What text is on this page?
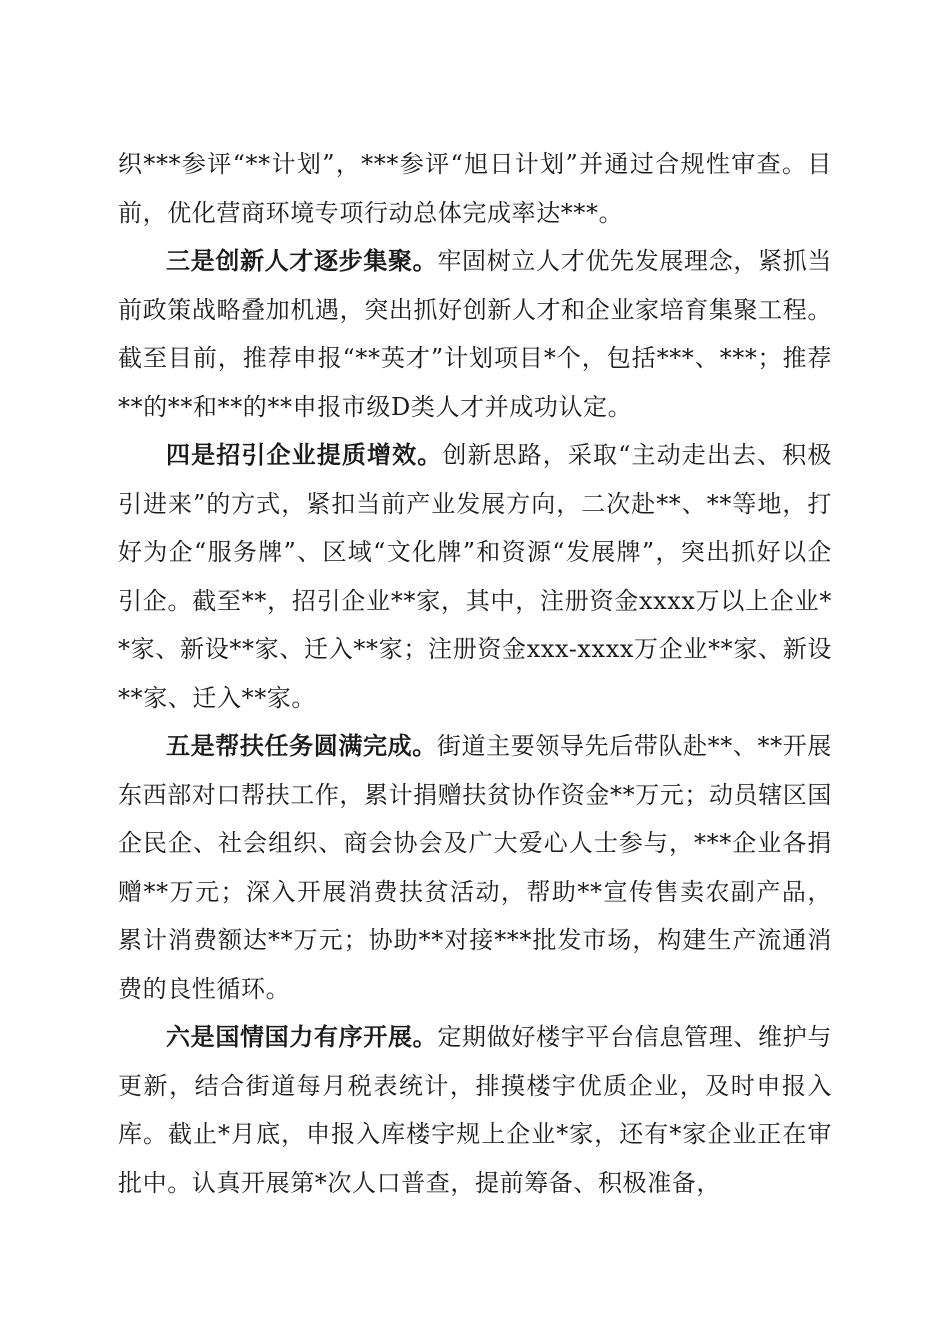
织***参评“**计划”，***参评“旭日计划”并通过合规性审查。目前，优化营商环境专项行动总体完成率达***。

三是创新人才逐步集聚。牢固树立人才优先发展理念，紧抓当前政策战略叠加机遇，突出抓好创新人才和企业家培育集聚工程。截至目前，推荐申报“**英才”计划项目*个，包括***、***；推荐**的**和**的**申报市级D类人才并成功认定。

四是招引企业提质增效。创新思路，采取“主动走出去、积极引进来”的方式，紧扣当前产业发展方向，二次赴**、**等地，打好为企“服务牌”、区域“文化牌”和资源“发展牌”，突出抓好以企引企。截至**，招引企业**家，其中，注册资金xxxx万以上企业**家、新设**家、迁入**家；注册资金xxx-xxxx万企业**家、新设**家、迁入**家。

五是帮扶任务圆满完成。街道主要领导先后带队赴**、**开展东西部对口帮扶工作，累计捐赠扶贫协作资金**万元；动员辖区国企民企、社会组织、商会协会及广大爱心人士参与，***企业各捐赠**万元；深入开展消费扶贫活动，帮助**宣传售卖农副产品，累计消费额达**万元；协助**对接***批发市场，构建生产流通消费的良性循环。

六是国情国力有序开展。定期做好楼宇平台信息管理、维护与更新，结合街道每月税表统计，排摸楼宇优质企业，及时申报入库。截止*月底，申报入库楼宇规上企业*家，还有*家企业正在审批中。认真开展第*次人口普查，提前筹备、积极准备，
